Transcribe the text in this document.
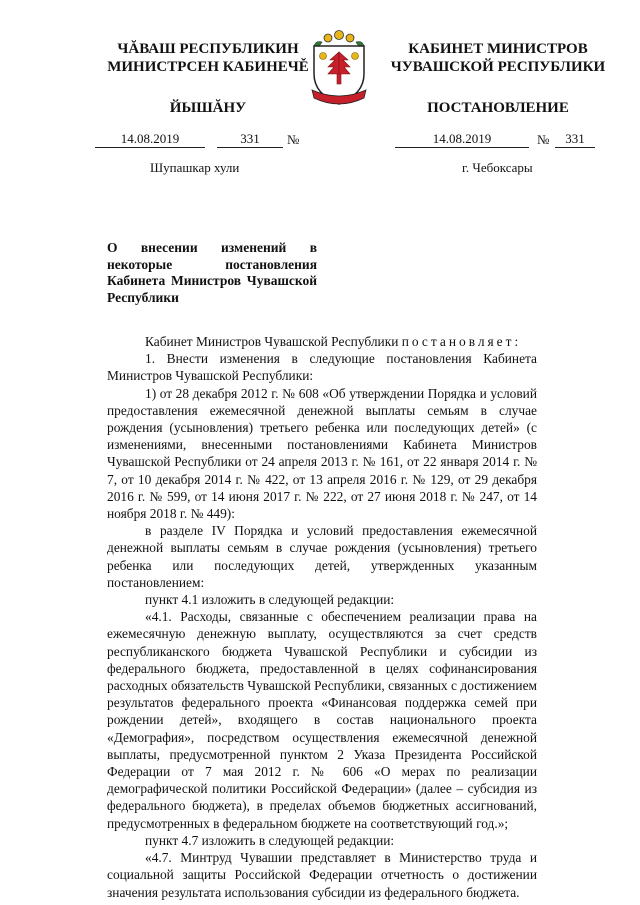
ЧĂВАШ РЕСПУБЛИКИН
МИНИСТРСЕН КАБИНЕЧĚ
ЙЫШĂНУ
КАБИНЕТ МИНИСТРОВ
ЧУВАШСКОЙ РЕСПУБЛИКИ
ПОСТАНОВЛЕНИЕ
14.08.2019	331	№	14.08.2019	№	331
Шупашкар хули	г. Чебоксары
О внесении изменений в некоторые постановления Кабинета Министров Чувашской Республики

Кабинет Министров Чувашской Республики постановляет:

1. Внести изменения в следующие постановления Кабинета Министров Чувашской Республики:

1) от 28 декабря 2012 г. № 608 «Об утверждении Порядка и условий предоставления ежемесячной денежной выплаты семьям в случае рождения (усыновления) третьего ребенка или последующих детей» (с изменениями, внесенными постановлениями Кабинета Министров Чувашской Республики от 24 апреля 2013 г. № 161, от 22 января 2014 г. № 7, от 10 декабря 2014 г. № 422, от 13 апреля 2016 г. № 129, от 29 декабря 2016 г. № 599, от 14 июня 2017 г. № 222, от 27 июня 2018 г. № 247, от 14 ноября 2018 г. № 449):

в разделе IV Порядка и условий предоставления ежемесячной денежной выплаты семьям в случае рождения (усыновления) третьего ребенка или последующих детей, утвержденных указанным постановлением:

пункт 4.1 изложить в следующей редакции:

«4.1. Расходы, связанные с обеспечением реализации права на ежемесячную денежную выплату, осуществляются за счет средств республиканского бюджета Чувашской Республики и субсидии из федерального бюджета, предоставленной в целях софинансирования расходных обязательств Чувашской Республики, связанных с достижением результатов федерального проекта «Финансовая поддержка семей при рождении детей», входящего в состав национального проекта «Демография», посредством осуществления ежемесячной денежной выплаты, предусмотренной пунктом 2 Указа Президента Российской Федерации от 7 мая 2012 г. № 606 «О мерах по реализации демографической политики Российской Федерации» (далее – субсидия из федерального бюджета), в пределах объемов бюджетных ассигнований, предусмотренных в федеральном бюджете на соответствующий год.»;

пункт 4.7 изложить в следующей редакции:

«4.7. Минтруд Чувашии представляет в Министерство труда и социальной защиты Российской Федерации отчетность о достижении значения результата использования субсидии из федерального бюджета.
